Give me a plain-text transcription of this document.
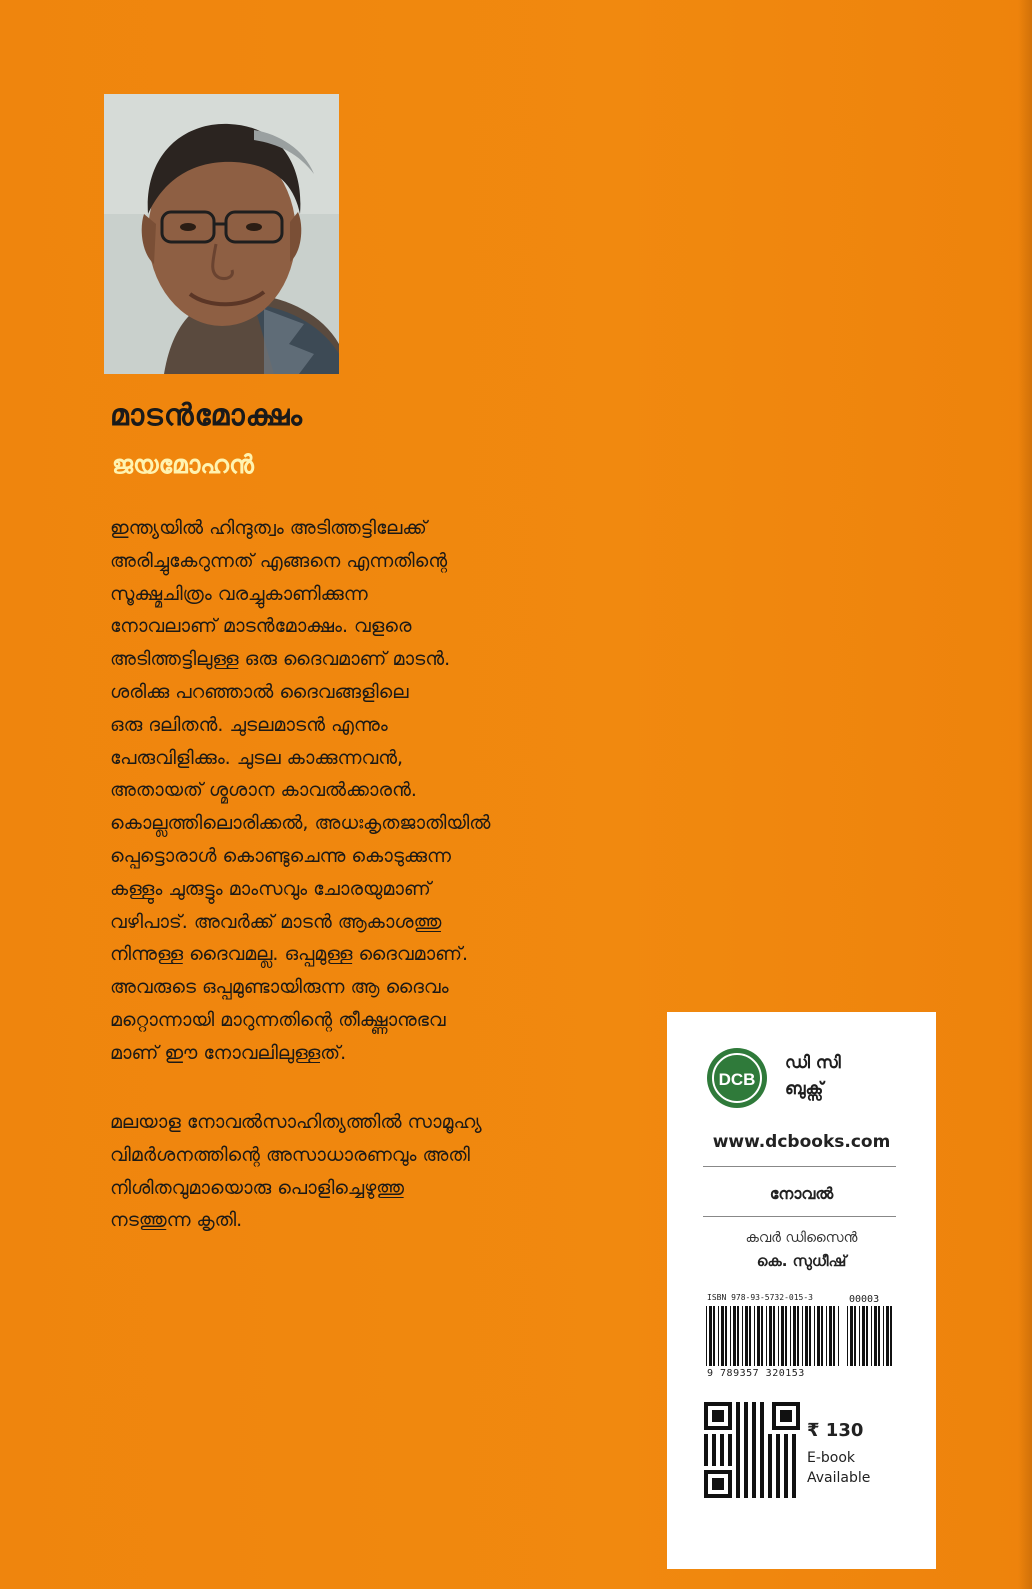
മാടൻമോക്ഷം
ജയമോഹൻ
ഇന്ത്യയിൽ ഹിന്ദുത്വം അടിത്തട്ടിലേക്ക്
അരിച്ചുകേറുന്നത് എങ്ങനെ എന്നതിന്റെ
സൂക്ഷ്മചിത്രം വരച്ചുകാണിക്കുന്ന
നോവലാണ് മാടൻമോക്ഷം. വളരെ
അടിത്തട്ടിലുള്ള ഒരു ദൈവമാണ് മാടൻ.
ശരിക്കു പറഞ്ഞാൽ ദൈവങ്ങളിലെ
ഒരു ദലിതൻ. ചുടലമാടൻ എന്നും
പേരുവിളിക്കും. ചുടല കാക്കുന്നവൻ,
അതായത് ശ്മശാന കാവൽക്കാരൻ.
കൊല്ലത്തിലൊരിക്കൽ, അധഃകൃതജാതിയിൽ
പ്പെട്ടൊരാൾ കൊണ്ടുചെന്നു കൊടുക്കുന്ന
കള്ളും ചുരുട്ടും മാംസവും ചോരയുമാണ്
വഴിപാട്. അവർക്ക് മാടൻ ആകാശത്തു
നിന്നുള്ള ദൈവമല്ല. ഒപ്പമുള്ള ദൈവമാണ്.
അവരുടെ ഒപ്പമുണ്ടായിരുന്ന ആ ദൈവം
മറ്റൊന്നായി മാറുന്നതിന്റെ തീക്ഷ്ണാനുഭവ
മാണ് ഈ നോവലിലുള്ളത്.
മലയാള നോവൽസാഹിത്യത്തിൽ സാമൂഹ്യ
വിമർശനത്തിന്റെ അസാധാരണവും അതി
നിശിതവുമായൊരു പൊളിച്ചെഴുത്തു
നടത്തുന്ന കൃതി.
DCB
ഡി സി
ബുക്സ്
www.dcbooks.com
നോവൽ
കവർ ഡിസൈൻ
കെ. സുധീഷ്
ISBN 978-93-5732-015-3	00003
9 789357 320153
₹ 130
E-book
Available
